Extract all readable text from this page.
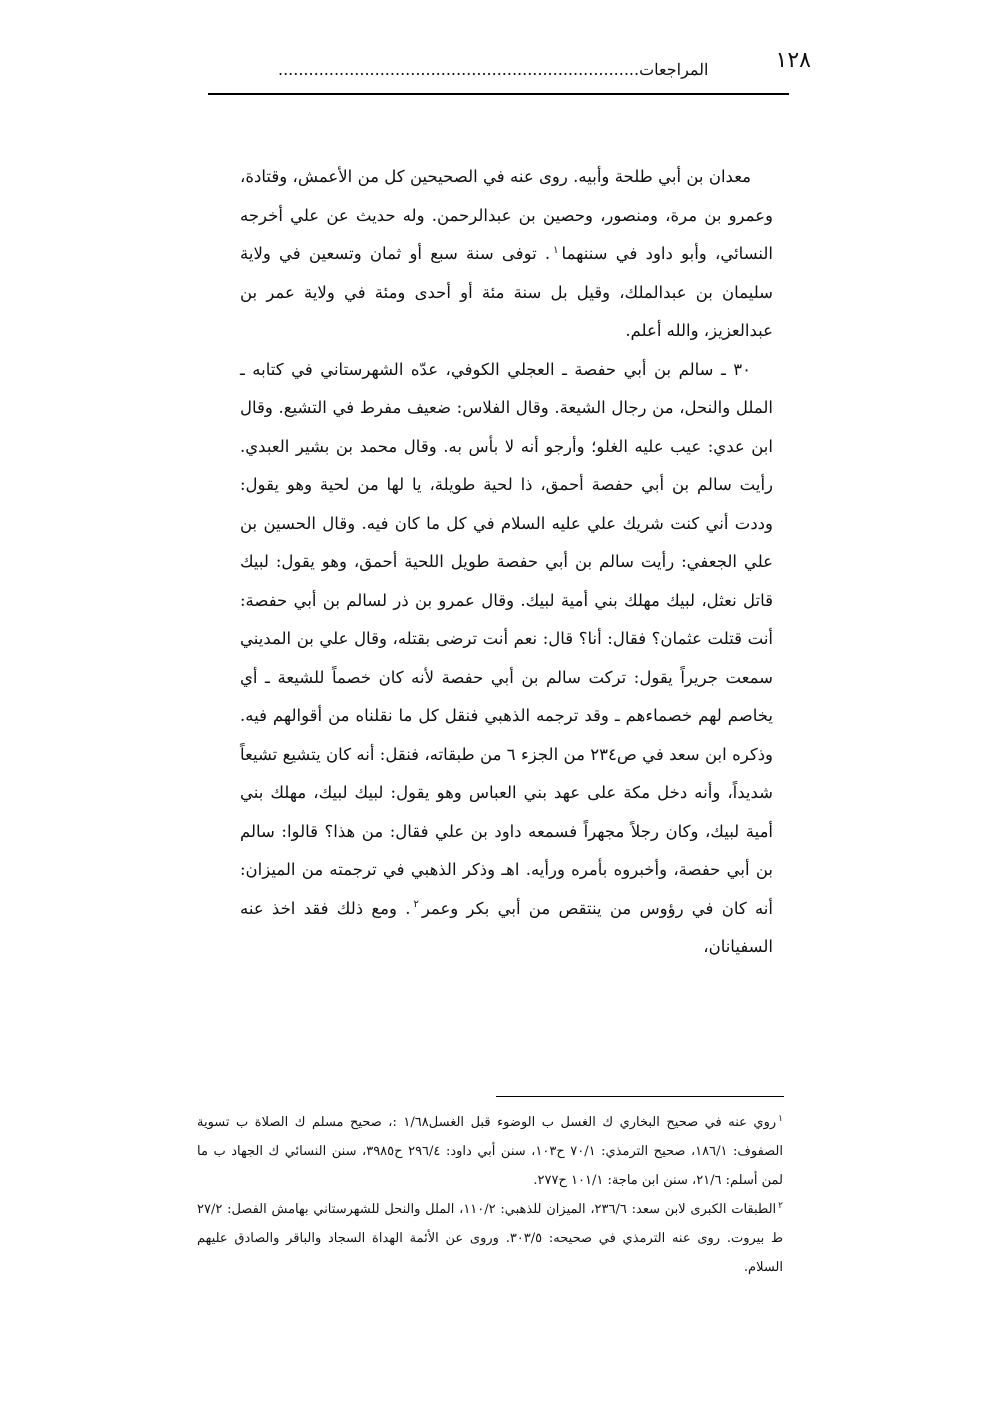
١٢٨
المراجعات.......................................................................

معدان بن أبي طلحة وأبيه. روى عنه في الصحيحين كل من الأعمش، وقتادة، وعمرو بن مرة، ومنصور، وحصين بن عبدالرحمن. وله حديث عن علي أخرجه النسائي، وأبو داود في سننهما$^١$. توفى سنة سبع أو ثمان وتسعين في ولاية سليمان بن عبدالملك، وقيل بل سنة مئة أو أحدى ومئة في ولاية عمر بن عبدالعزيز، والله أعلم.

٣٠ ـ سالم بن أبي حفصة ـ العجلي الكوفي، عدّه الشهرستاني في كتابه ـ الملل والنحل، من رجال الشيعة. وقال الفلاس: ضعيف مفرط في التشيع. وقال ابن عدي: عيب عليه الغلو؛ وأرجو أنه لا بأس به. وقال محمد بن بشير العبدي. رأيت سالم بن أبي حفصة أحمق، ذا لحية طويلة، يا لها من لحية وهو يقول: وددت أني كنت شريك علي عليه السلام في كل ما كان فيه. وقال الحسين بن علي الجعفي: رأيت سالم بن أبي حفصة طويل اللحية أحمق، وهو يقول: لبيك قاتل نعثل، لبيك مهلك بني أمية لبيك. وقال عمرو بن ذر لسالم بن أبي حفصة: أنت قتلت عثمان؟ فقال: أنا؟ قال: نعم أنت ترضى بقتله، وقال علي بن المديني سمعت جريراً يقول: تركت سالم بن أبي حفصة لأنه كان خصماً للشيعة ـ أي يخاصم لهم خصماءهم ـ وقد ترجمه الذهبي فنقل كل ما نقلناه من أقوالهم فيه. وذكره ابن سعد في ص٢٣٤ من الجزء ٦ من طبقاته، فنقل: أنه كان يتشيع تشيعاً شديداً، وأنه دخل مكة على عهد بني العباس وهو يقول: لبيك لبيك، مهلك بني أمية لبيك، وكان رجلاً مجهراً فسمعه داود بن علي فقال: من هذا؟ قالوا: سالم بن أبي حفصة، وأخبروه بأمره ورأيه. اهـ وذكر الذهبي في ترجمته من الميزان: أنه كان في رؤوس من ينتقص من أبي بكر وعمر$^٢$. ومع ذلك فقد اخذ عنه السفيانان،

$^١$روي عنه في صحيح البخاري ك الغسل ب الوضوء قبل الغسل١/٦٨ :، صحيح مسلم ك الصلاة ب تسوية الصفوف: ١٨٦/١، صحيح الترمذي: ٧٠/١ ح١٠٣، سنن أبي داود: ٢٩٦/٤ ح٣٩٨٥، سنن النسائي ك الجهاد ب ما لمن أسلم: ٢١/٦، سنن ابن ماجة: ١٠١/١ ح٢٧٧.

$^٢$الطبقات الكبرى لابن سعد: ٢٣٦/٦، الميزان للذهبي: ١١٠/٢، الملل والنحل للشهرستاني بهامش الفصل: ٢٧/٢ ط بيروت. روى عنه الترمذي في صحيحه: ٣٠٣/٥. وروى عن الأئمة الهداة السجاد والباقر والصادق عليهم السلام.
